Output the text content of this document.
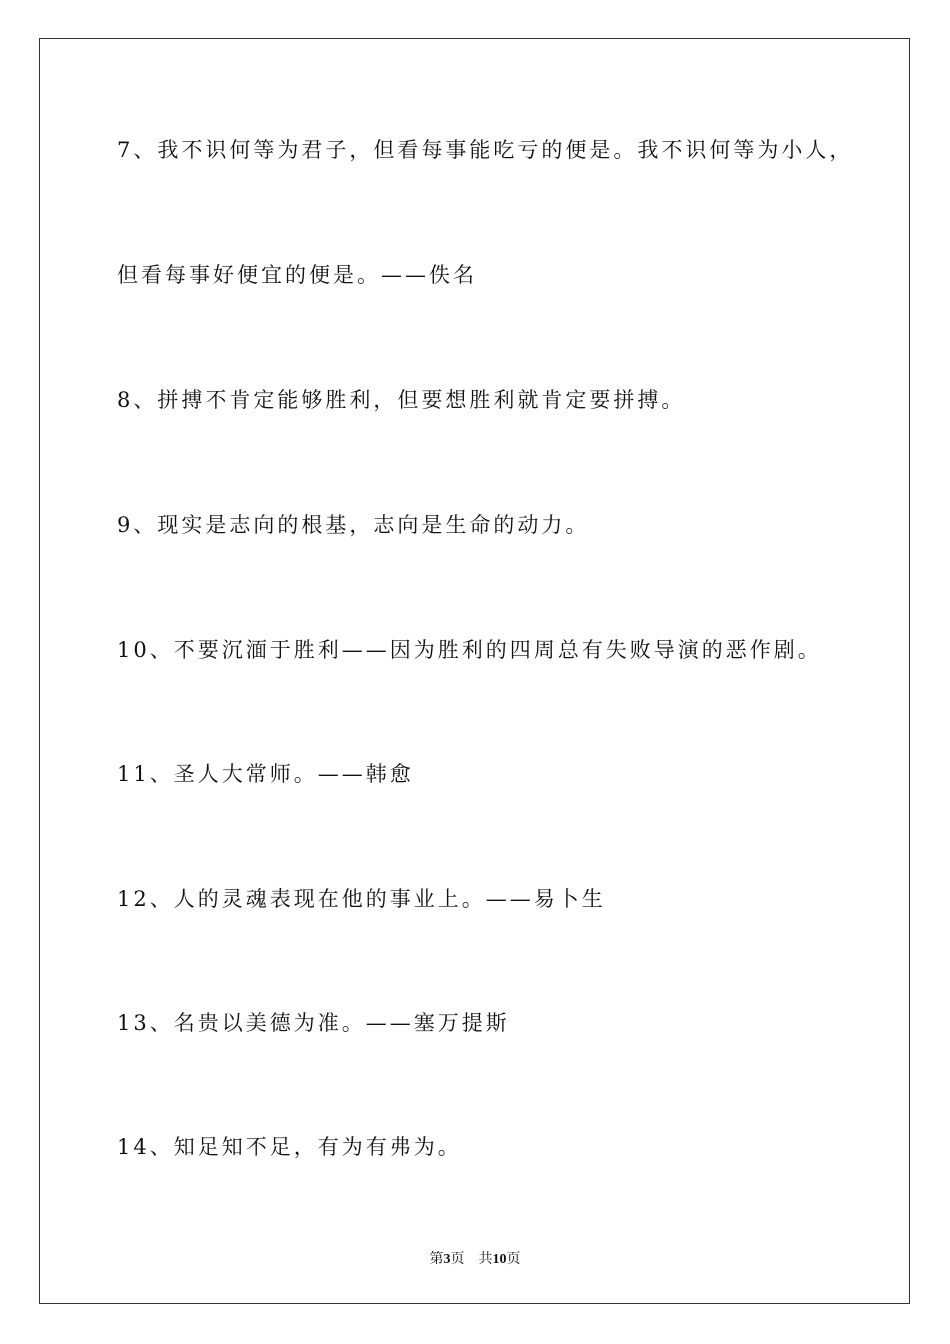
7、我不识何等为君子，但看每事能吃亏的便是。我不识何等为小人，
但看每事好便宜的便是。——佚名
8、拼搏不肯定能够胜利，但要想胜利就肯定要拼搏。
9、现实是志向的根基，志向是生命的动力。
10、不要沉湎于胜利——因为胜利的四周总有失败导演的恶作剧。
11、圣人大常师。——韩愈
12、人的灵魂表现在他的事业上。——易卜生
13、名贵以美德为准。——塞万提斯
14、知足知不足，有为有弗为。
第3页 共10页
